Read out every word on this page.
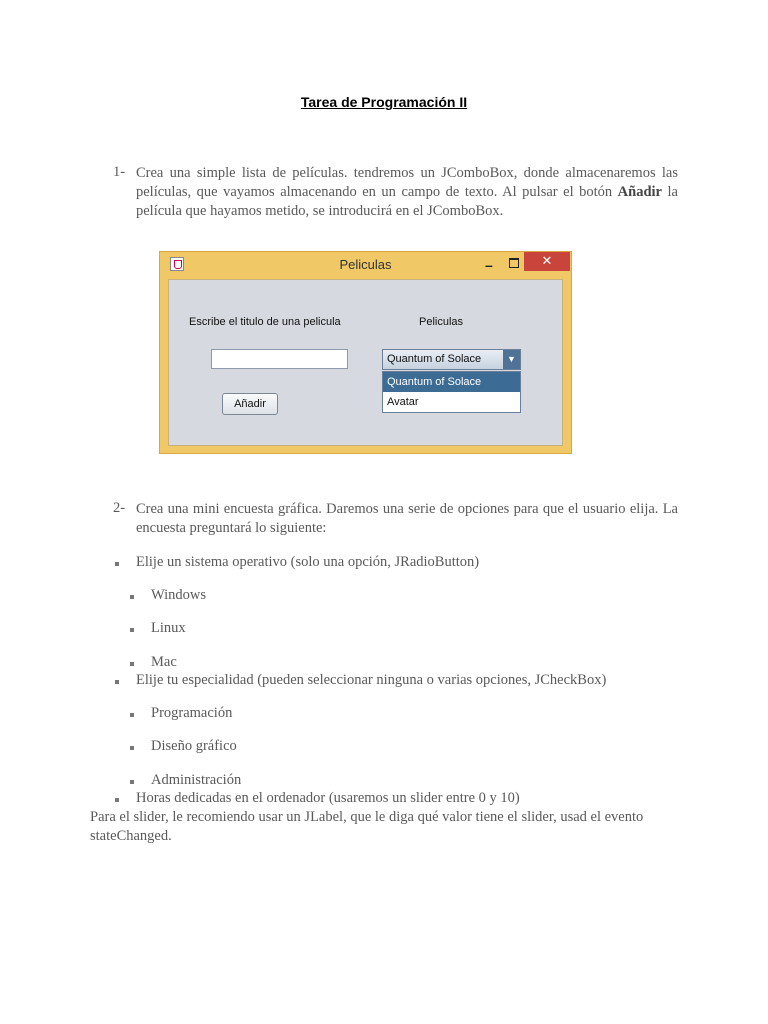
Tarea de Programación II
1- Crea una simple lista de películas. tendremos un JComboBox, donde almacenaremos las películas, que vayamos almacenando en un campo de texto. Al pulsar el botón Añadir la película que hayamos metido, se introducirá en el JComboBox.
Peliculas	–	✕
Escribe el titulo de una pelicula	Peliculas
Añadir
Quantum of Solace	▼
Quantum of Solace
Avatar
2- Crea una mini encuesta gráfica. Daremos una serie de opciones para que el usuario elija. La encuesta preguntará lo siguiente:
Elije un sistema operativo (solo una opción, JRadioButton)
Windows
Linux
Mac
Elije tu especialidad (pueden seleccionar ninguna o varias opciones, JCheckBox)
Programación
Diseño gráfico
Administración
Horas dedicadas en el ordenador (usaremos un slider entre 0 y 10)
Para el slider, le recomiendo usar un JLabel, que le diga qué valor tiene el slider, usad el evento stateChanged.
